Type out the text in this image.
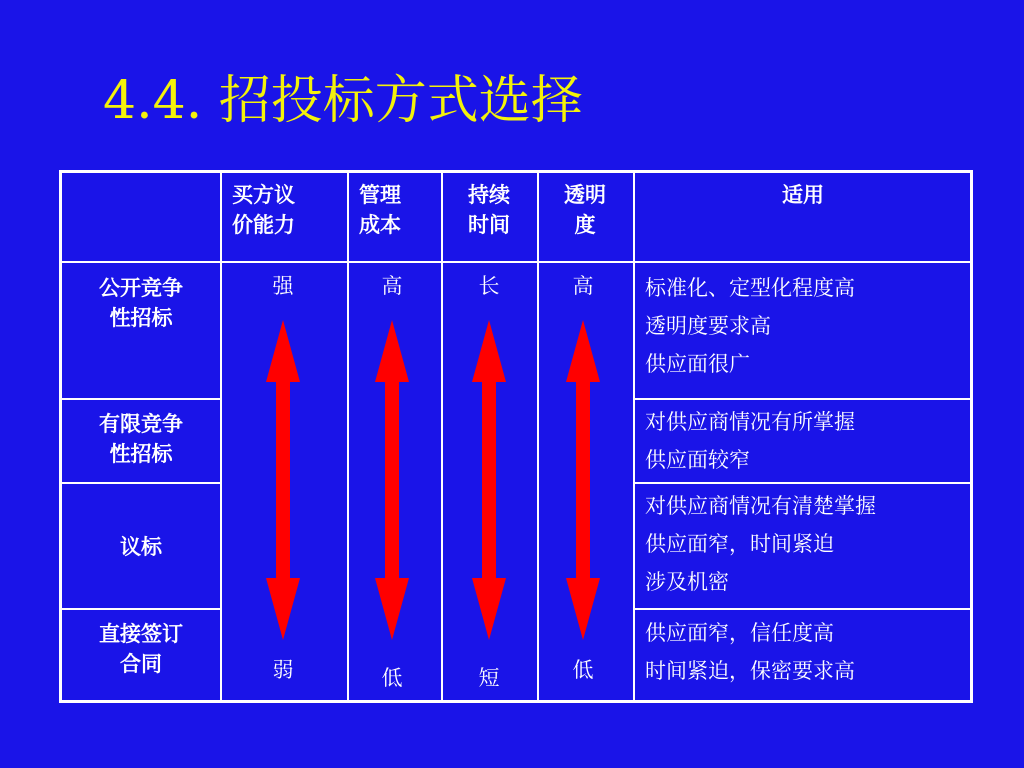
4.4. 招投标方式选择
买方议
价能力
管理
成本
持续
时间
透明
度
适用
公开竞争
性招标
有限竞争
性招标
议标
直接签订
合同
标准化、定型化程度高
透明度要求高
供应面很广
对供应商情况有所掌握
供应面较窄
对供应商情况有清楚掌握
供应面窄，时间紧迫
涉及机密
供应面窄，信任度高
时间紧迫，保密要求高
强
弱
高
低
长
短
高
低
